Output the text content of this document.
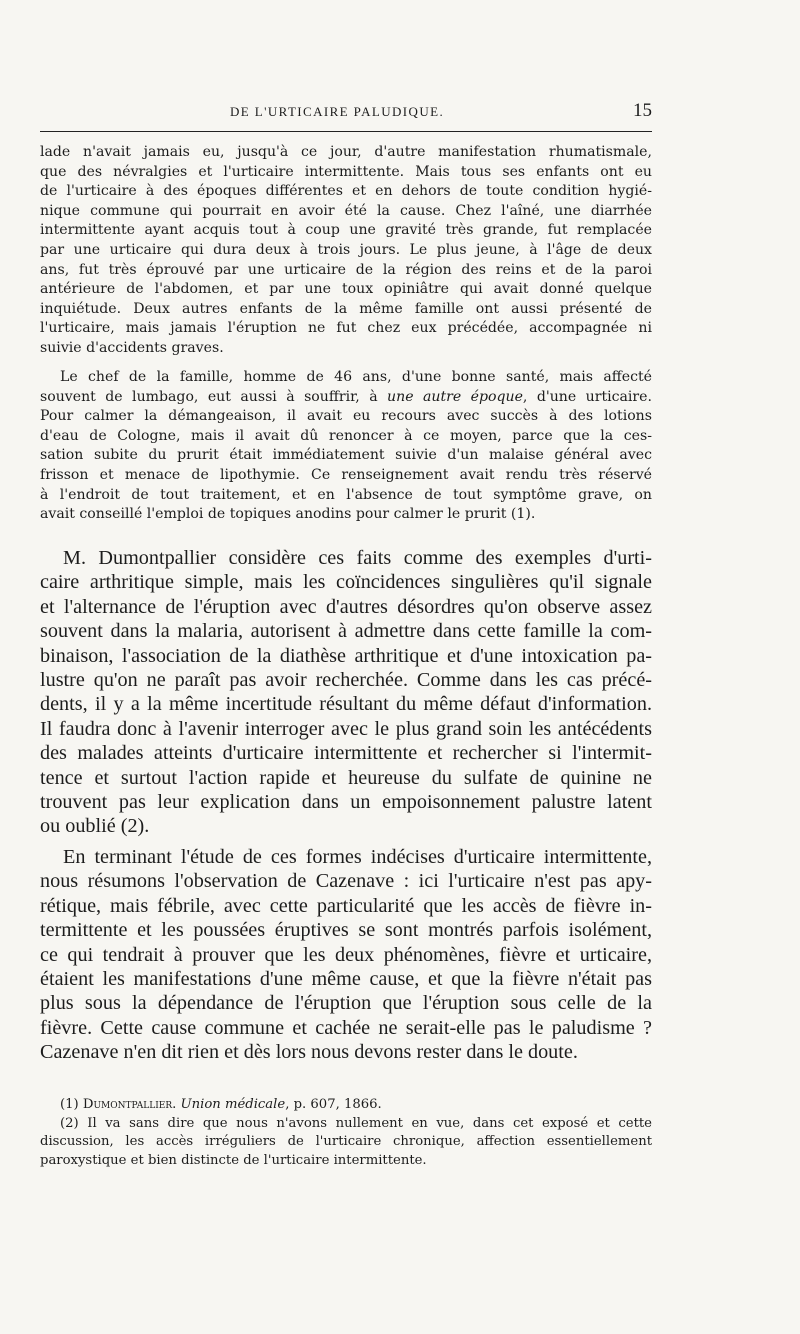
DE L'URTICAIRE PALUDIQUE.	15
lade n'avait jamais eu, jusqu'à ce jour, d'autre manifestation rhumatismale,
que des névralgies et l'urticaire intermittente. Mais tous ses enfants ont eu
de l'urticaire à des époques différentes et en dehors de toute condition hygié-
nique commune qui pourrait en avoir été la cause. Chez l'aîné, une diarrhée
intermittente ayant acquis tout à coup une gravité très grande, fut remplacée
par une urticaire qui dura deux à trois jours. Le plus jeune, à l'âge de deux
ans, fut très éprouvé par une urticaire de la région des reins et de la paroi
antérieure de l'abdomen, et par une toux opiniâtre qui avait donné quelque
inquiétude. Deux autres enfants de la même famille ont aussi présenté de
l'urticaire, mais jamais l'éruption ne fut chez eux précédée, accompagnée ni
suivie d'accidents graves.
Le chef de la famille, homme de 46 ans, d'une bonne santé, mais affecté
souvent de lumbago, eut aussi à souffrir, à une autre époque, d'une urticaire.
Pour calmer la démangeaison, il avait eu recours avec succès à des lotions
d'eau de Cologne, mais il avait dû renoncer à ce moyen, parce que la ces-
sation subite du prurit était immédiatement suivie d'un malaise général avec
frisson et menace de lipothymie. Ce renseignement avait rendu très réservé
à l'endroit de tout traitement, et en l'absence de tout symptôme grave, on
avait conseillé l'emploi de topiques anodins pour calmer le prurit (1).
M. Dumontpallier considère ces faits comme des exemples d'urti-
caire arthritique simple, mais les coïncidences singulières qu'il signale
et l'alternance de l'éruption avec d'autres désordres qu'on observe assez
souvent dans la malaria, autorisent à admettre dans cette famille la com-
binaison, l'association de la diathèse arthritique et d'une intoxication pa-
lustre qu'on ne paraît pas avoir recherchée. Comme dans les cas précé-
dents, il y a la même incertitude résultant du même défaut d'information.
Il faudra donc à l'avenir interroger avec le plus grand soin les antécédents
des malades atteints d'urticaire intermittente et rechercher si l'intermit-
tence et surtout l'action rapide et heureuse du sulfate de quinine ne
trouvent pas leur explication dans un empoisonnement palustre latent
ou oublié (2).
En terminant l'étude de ces formes indécises d'urticaire intermittente,
nous résumons l'observation de Cazenave : ici l'urticaire n'est pas apy-
rétique, mais fébrile, avec cette particularité que les accès de fièvre in-
termittente et les poussées éruptives se sont montrés parfois isolément,
ce qui tendrait à prouver que les deux phénomènes, fièvre et urticaire,
étaient les manifestations d'une même cause, et que la fièvre n'était pas
plus sous la dépendance de l'éruption que l'éruption sous celle de la
fièvre. Cette cause commune et cachée ne serait-elle pas le paludisme ?
Cazenave n'en dit rien et dès lors nous devons rester dans le doute.
(1) Dumontpallier. Union médicale, p. 607, 1866.
(2) Il va sans dire que nous n'avons nullement en vue, dans cet exposé et cette
discussion, les accès irréguliers de l'urticaire chronique, affection essentiellement
paroxystique et bien distincte de l'urticaire intermittente.
